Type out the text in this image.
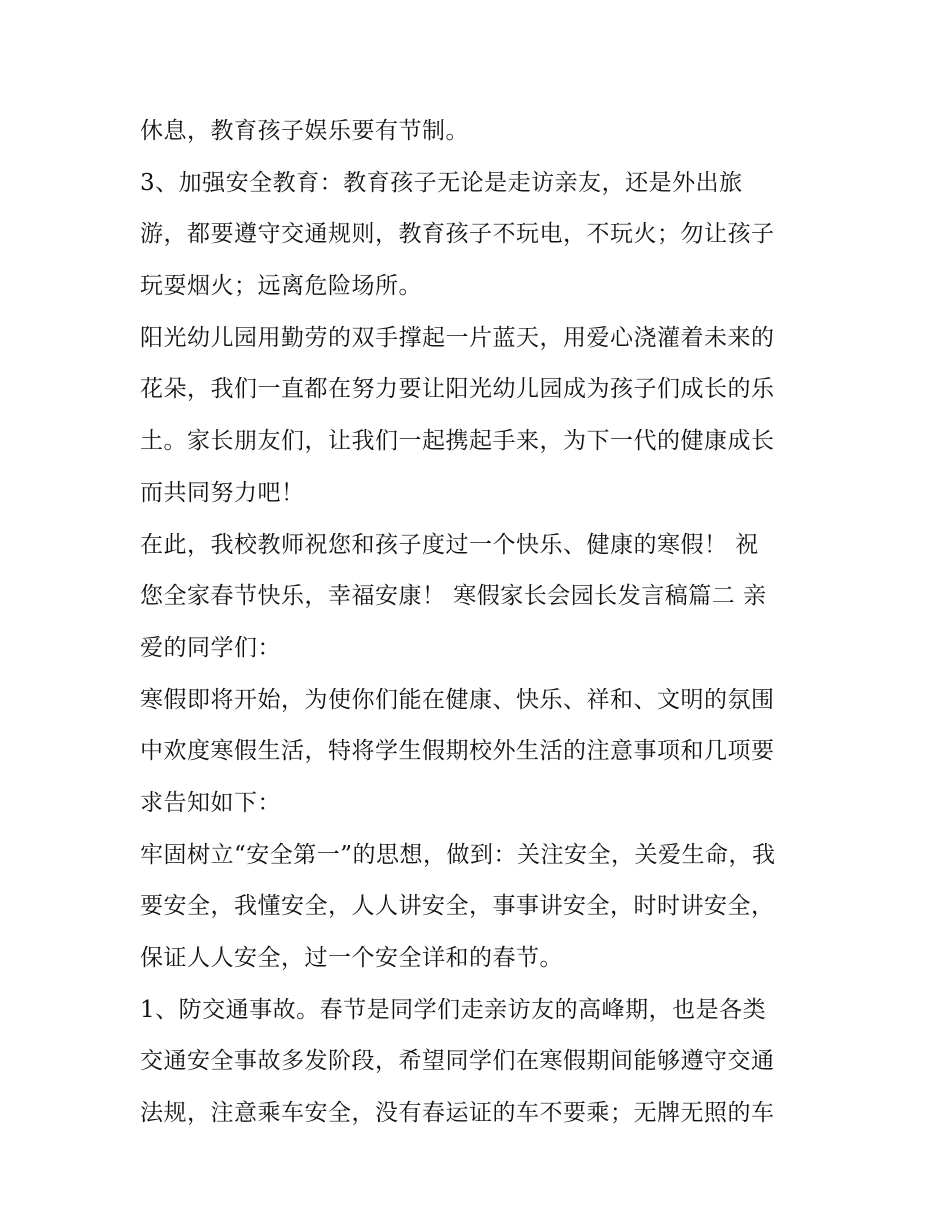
休息，教育孩子娱乐要有节制。
3、加强安全教育：教育孩子无论是走访亲友，还是外出旅
游，都要遵守交通规则，教育孩子不玩电，不玩火；勿让孩子
玩耍烟火；远离危险场所。
阳光幼儿园用勤劳的双手撑起一片蓝天，用爱心浇灌着未来的
花朵，我们一直都在努力要让阳光幼儿园成为孩子们成长的乐
土。家长朋友们，让我们一起携起手来，为下一代的健康成长
而共同努力吧！
在此，我校教师祝您和孩子度过一个快乐、健康的寒假！ 祝
您全家春节快乐，幸福安康！ 寒假家长会园长发言稿篇二 亲
爱的同学们：
寒假即将开始，为使你们能在健康、快乐、祥和、文明的氛围
中欢度寒假生活，特将学生假期校外生活的注意事项和几项要
求告知如下：
牢固树立“安全第一”的思想，做到：关注安全，关爱生命，我
要安全，我懂安全，人人讲安全，事事讲安全，时时讲安全，
保证人人安全，过一个安全详和的春节。
1、防交通事故。春节是同学们走亲访友的高峰期，也是各类
交通安全事故多发阶段，希望同学们在寒假期间能够遵守交通
法规，注意乘车安全，没有春运证的车不要乘；无牌无照的车
